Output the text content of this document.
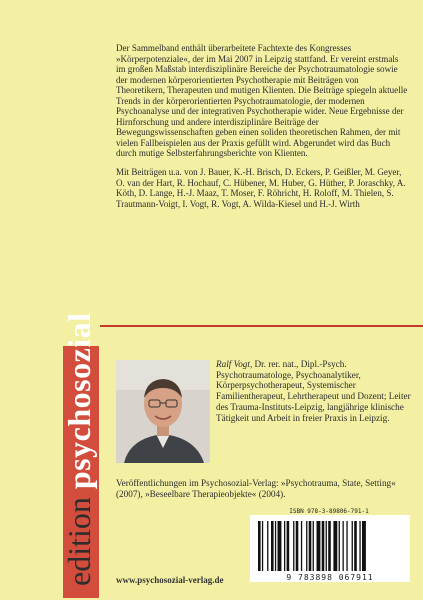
Der Sammelband enthält überarbeitete Fachtexte des Kongresses »Körperpotenziale«, der im Mai 2007 in Leipzig stattfand. Er vereint erstmals im großen Maßstab interdisziplinäre Bereiche der Psychotraumatologie sowie der modernen körperorientierten Psychotherapie mit Beiträgen von Theoretikern, Therapeuten und mutigen Klienten. Die Beiträge spiegeln aktuelle Trends in der körperorientierten Psychotraumatologie, der modernen Psychoanalyse und der integrativen Psychotherapie wider. Neue Ergebnisse der Hirnforschung und andere interdisziplinäre Beiträge der Bewegungswissenschaften geben einen soliden theoretischen Rahmen, der mit vielen Fallbeispielen aus der Praxis gefüllt wird. Abgerundet wird das Buch durch mutige Selbsterfahrungsberichte von Klienten.

Mit Beiträgen u.a. von J. Bauer, K.-H. Brisch, D. Eckers, P. Geißler, M. Geyer, O. van der Hart, R. Hochauf, C. Hübener, M. Huber, G. Hüther, P. Joraschky, A. Köth, D. Lange, H.-J. Maaz, T. Moser, F. Röhricht, H. Roloff, M. Thielen, S. Trautmann-Voigt, I. Vogt, R. Vogt, A. Wilda-Kiesel und H.-J. Wirth

edition psychosozial	Ralf Vogt, Dr. rer. nat., Dipl.-Psych. Psychotraumatologe, Psychoanalytiker, Körperpsychotherapeut, Systemischer Familientherapeut, Lehrtherapeut und Dozent; Leiter des Trauma-Instituts-Leipzig, langjährige klinische Tätigkeit und Arbeit in freier Praxis in Leipzig.
Veröffentlichungen im Psychosozial-Verlag: »Psychotrauma, State, Setting« (2007), »Beseelbare Therapieobjekte« (2004).
ISBN 978-3-89806-791-1
9 783898 067911
www.psychosozial-verlag.de
